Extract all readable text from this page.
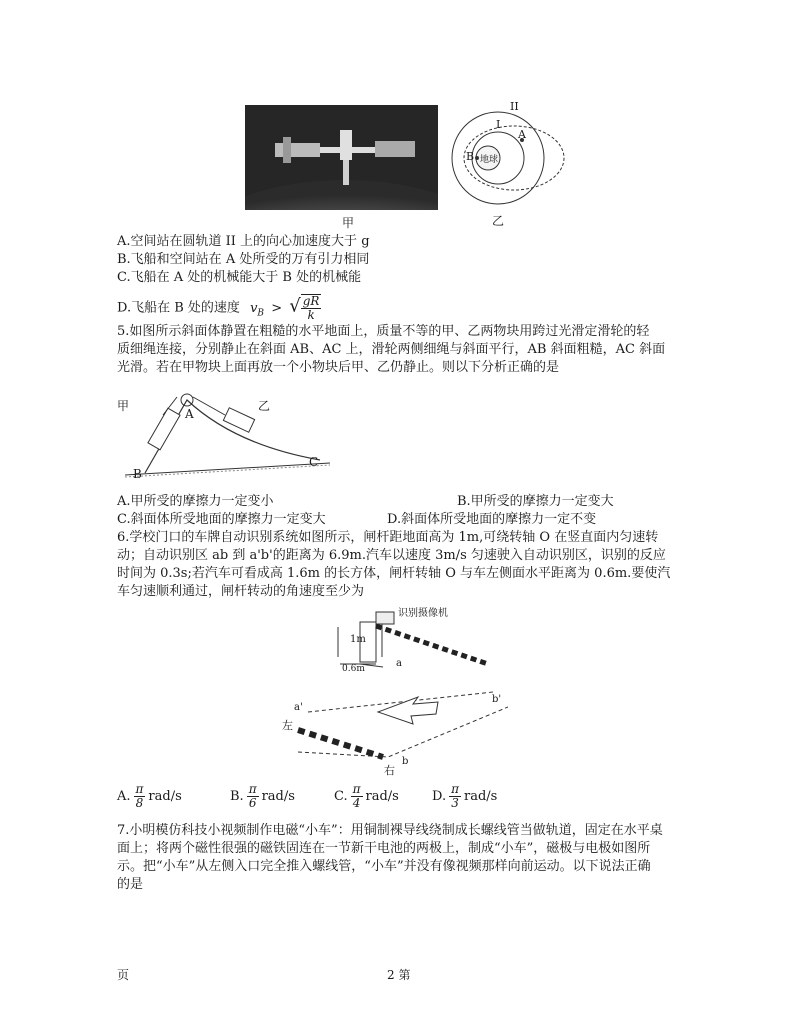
甲
II
I
A
B 地球
乙
A.空间站在圆轨道 II 上的向心加速度大于 g
B.飞船和空间站在 A 处所受的万有引力相同
C.飞船在 A 处的机械能大于 B 处的机械能
D.飞船在 B 处的速度 $v_B$ > √ $\frac{gR}{k}$
5.如图所示斜面体静置在粗糙的水平地面上，质量不等的甲、乙两物块用跨过光滑定滑轮的轻
质细绳连接，分别静止在斜面 AB、AC 上，滑轮两侧细绳与斜面平行，AB 斜面粗糙，AC 斜面
光滑。若在甲物块上面再放一个小物块后甲、乙仍静止。则以下分析正确的是
甲	乙
A
B
C
A.甲所受的摩擦力一定变小	B.甲所受的摩擦力一定变大
C.斜面体所受地面的摩擦力一定变大	D.斜面体所受地面的摩擦力一定不变
6.学校门口的车牌自动识别系统如图所示，闸杆距地面高为 1m,可绕转轴 O 在竖直面内匀速转
动；自动识别区 ab 到 a'b'的距离为 6.9m.汽车以速度 3m/s 匀速驶入自动识别区，识别的反应
时间为 0.3s;若汽车可看成高 1.6m 的长方体，闸杆转轴 O 与车左侧面水平距离为 0.6m.要使汽
车匀速顺利通过，闸杆转动的角速度至少为
识别摄像机
1m
0.6m	a
b'
a'
左
b
右
A. $\frac{\pi}{8} rad/s$	B. $\frac{\pi}{6} rad/s$	C. $\frac{\pi}{4} rad/s$	D. $\frac{\pi}{3} rad/s$
7.小明模仿科技小视频制作电磁“小车”：用铜制裸导线绕制成长螺线管当做轨道，固定在水平桌
面上；将两个磁性很强的磁铁固连在一节新干电池的两极上，制成“小车”，磁极与电极如图所
示。把“小车”从左侧入口完全推入螺线管，“小车”并没有像视频那样向前运动。以下说法正确
的是
页	2 第
